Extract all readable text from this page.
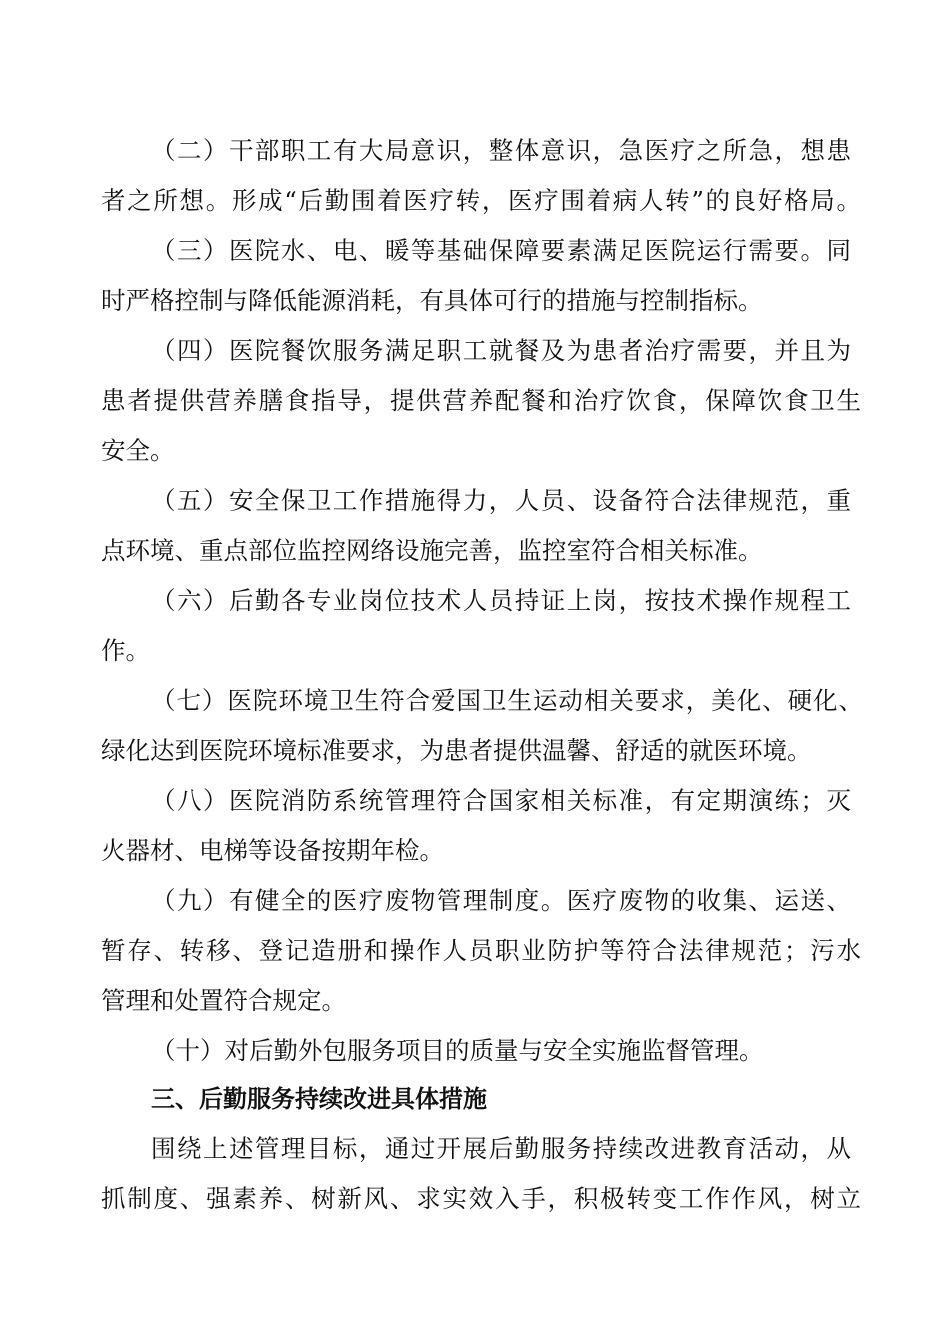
（二）干部职工有大局意识，整体意识，急医疗之所急，想患
者之所想。形成“后勤围着医疗转，医疗围着病人转”的良好格局。
（三）医院水、电、暖等基础保障要素满足医院运行需要。同
时严格控制与降低能源消耗，有具体可行的措施与控制指标。
（四）医院餐饮服务满足职工就餐及为患者治疗需要，并且为
患者提供营养膳食指导，提供营养配餐和治疗饮食，保障饮食卫生
安全。
（五）安全保卫工作措施得力，人员、设备符合法律规范，重
点环境、重点部位监控网络设施完善，监控室符合相关标准。
（六）后勤各专业岗位技术人员持证上岗，按技术操作规程工
作。
（七）医院环境卫生符合爱国卫生运动相关要求，美化、硬化、
绿化达到医院环境标准要求，为患者提供温馨、舒适的就医环境。
（八）医院消防系统管理符合国家相关标准，有定期演练；灭
火器材、电梯等设备按期年检。
（九）有健全的医疗废物管理制度。医疗废物的收集、运送、
暂存、转移、登记造册和操作人员职业防护等符合法律规范；污水
管理和处置符合规定。
（十）对后勤外包服务项目的质量与安全实施监督管理。
三、后勤服务持续改进具体措施
围绕上述管理目标，通过开展后勤服务持续改进教育活动，从
抓制度、强素养、树新风、求实效入手，积极转变工作作风，树立
